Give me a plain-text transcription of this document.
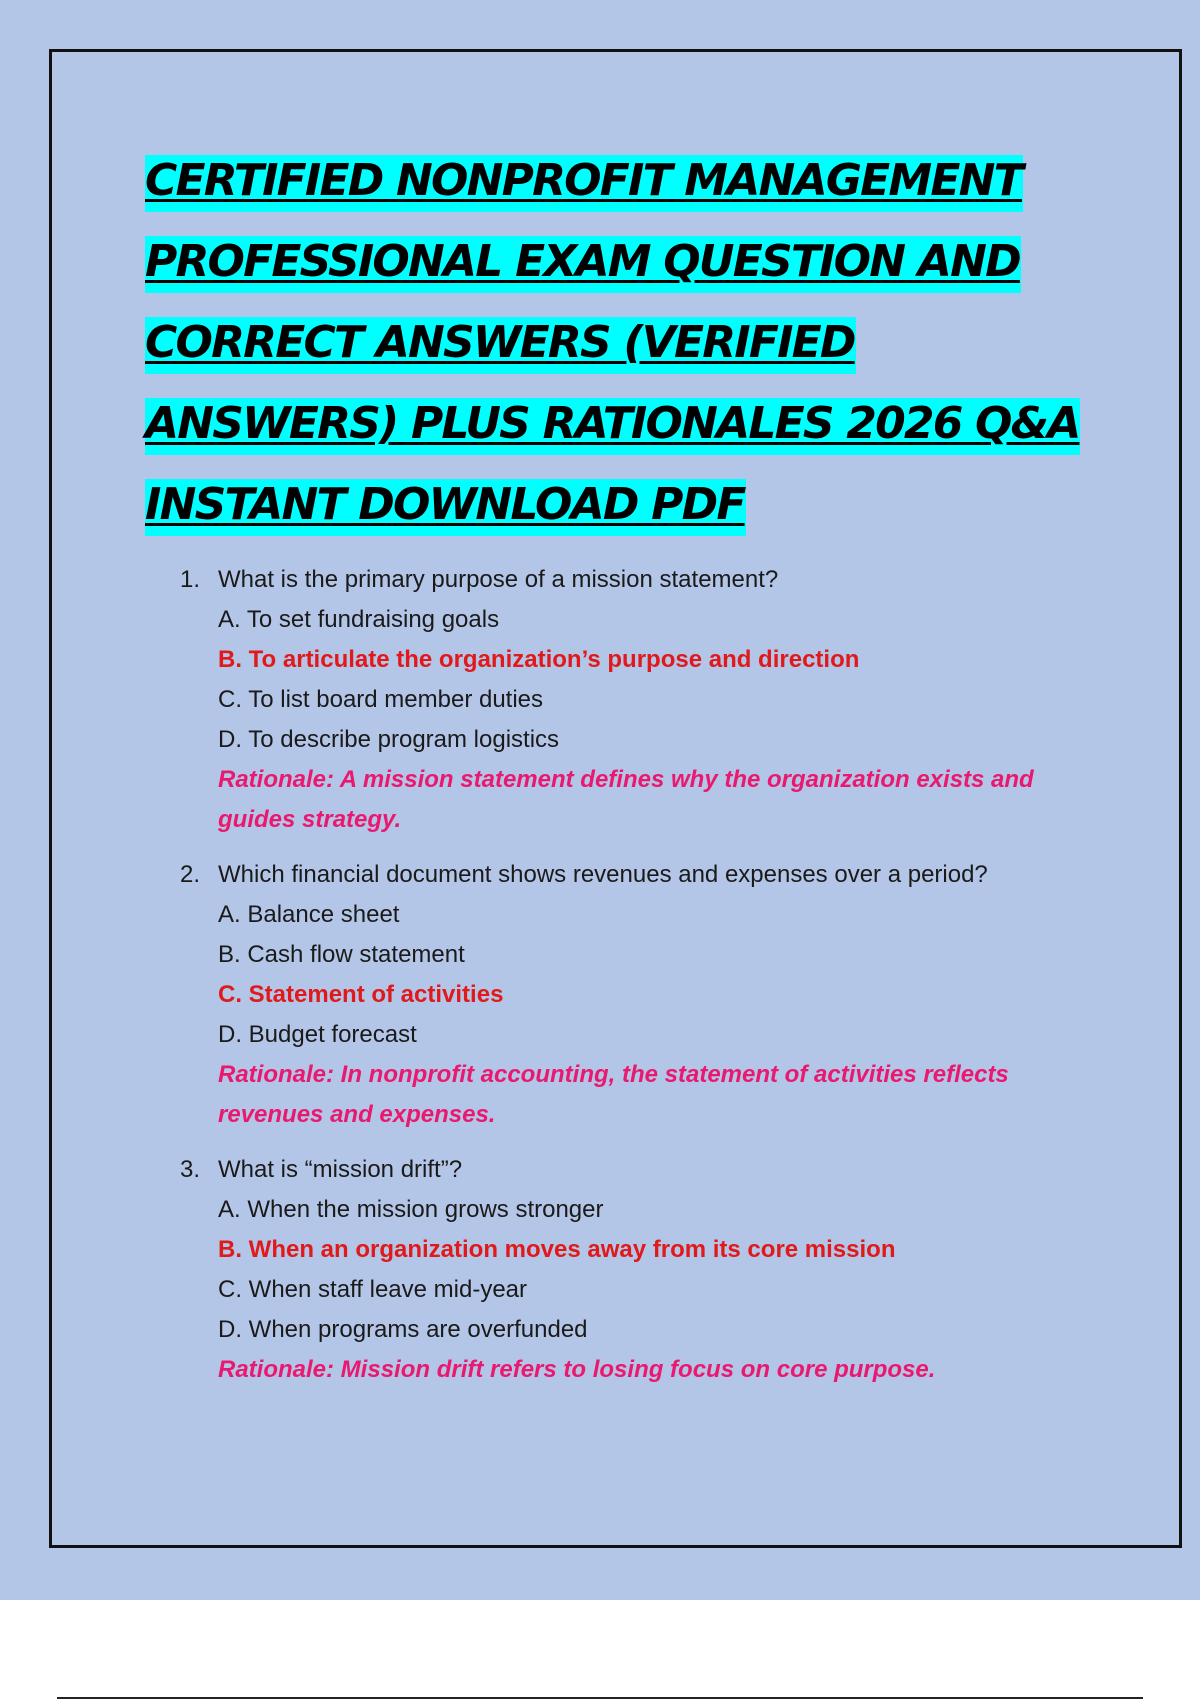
CERTIFIED NONPROFIT MANAGEMENT
PROFESSIONAL EXAM QUESTION AND
CORRECT ANSWERS (VERIFIED
ANSWERS) PLUS RATIONALES 2026 Q&A
INSTANT DOWNLOAD PDF
1. What is the primary purpose of a mission statement?
A. To set fundraising goals
B. To articulate the organization’s purpose and direction
C. To list board member duties
D. To describe program logistics
Rationale: A mission statement defines why the organization exists and guides strategy.
2. Which financial document shows revenues and expenses over a period?
A. Balance sheet
B. Cash flow statement
C. Statement of activities
D. Budget forecast
Rationale: In nonprofit accounting, the statement of activities reflects revenues and expenses.
3. What is “mission drift”?
A. When the mission grows stronger
B. When an organization moves away from its core mission
C. When staff leave mid-year
D. When programs are overfunded
Rationale: Mission drift refers to losing focus on core purpose.
